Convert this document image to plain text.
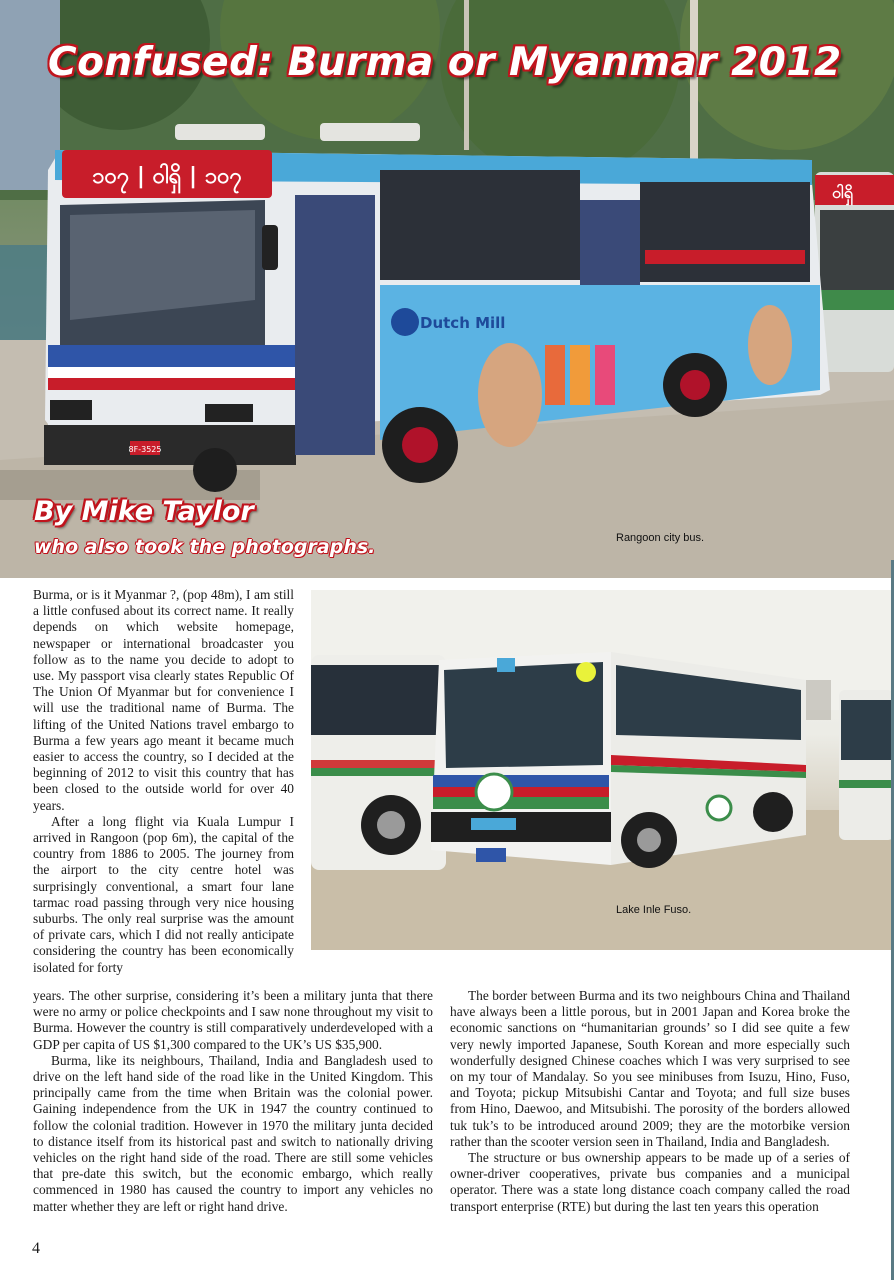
ဝါရှိ
၁၀၇ | ဝါရှိ | ၁၀၇
8F-3525
Dutch Mill
Confused: Burma or Myanmar 2012
By Mike Taylor
who also took the photographs.	Rangoon city bus.

Burma, or is it Myanmar ?, (pop 48m), I am still a little confused about its correct name. It really depends on which website homepage, newspaper or international broadcaster you follow as to the name you decide to adopt to use. My passport visa clearly states Republic Of The Union Of Myanmar but for convenience I will use the traditional name of Burma. The lifting of the United Nations travel embargo to Burma a few years ago meant it became much easier to access the country, so I decided at the beginning of 2012 to visit this country that has been closed to the outside world for over 40 years.

After a long flight via Kuala Lumpur I arrived in Rangoon (pop 6m), the capital of the country from 1886 to 2005. The journey from the airport to the city centre hotel was surprisingly conventional, a smart four lane tarmac road passing through very nice housing suburbs. The only real surprise was the amount of private cars, which I did not really anticipate considering the country has been economically isolated for forty

Lake Inle Fuso.

years. The other surprise, considering it’s been a military junta that there were no army or police checkpoints and I saw none throughout my visit to Burma. However the country is still comparatively underdeveloped with a GDP per capita of US $1,300 compared to the UK’s US $35,900.

Burma, like its neighbours, Thailand, India and Bangladesh used to drive on the left hand side of the road like in the United Kingdom. This principally came from the time when Britain was the colonial power. Gaining independence from the UK in 1947 the country continued to follow the colonial tradition. However in 1970 the military junta decided to distance itself from its historical past and switch to nationally driving vehicles on the right hand side of the road. There are still some vehicles that pre-date this switch, but the economic embargo, which really commenced in 1980 has caused the country to import any vehicles no matter whether they are left or right hand drive.

The border between Burma and its two neighbours China and Thailand have always been a little porous, but in 2001 Japan and Korea broke the economic sanctions on “humanitarian grounds’ so I did see quite a few very newly imported Japanese, South Korean and more especially such wonderfully designed Chinese coaches which I was very surprised to see on my tour of Mandalay. So you see minibuses from Isuzu, Hino, Fuso, and Toyota; pickup Mitsubishi Cantar and Toyota; and full size buses from Hino, Daewoo, and Mitsubishi. The porosity of the borders allowed tuk tuk’s to be introduced around 2009; they are the motorbike version rather than the scooter version seen in Thailand, India and Bangladesh.

The structure or bus ownership appears to be made up of a series of owner-driver cooperatives, private bus companies and a municipal operator. There was a state long distance coach company called the road transport enterprise (RTE) but during the last ten years this operation

4
